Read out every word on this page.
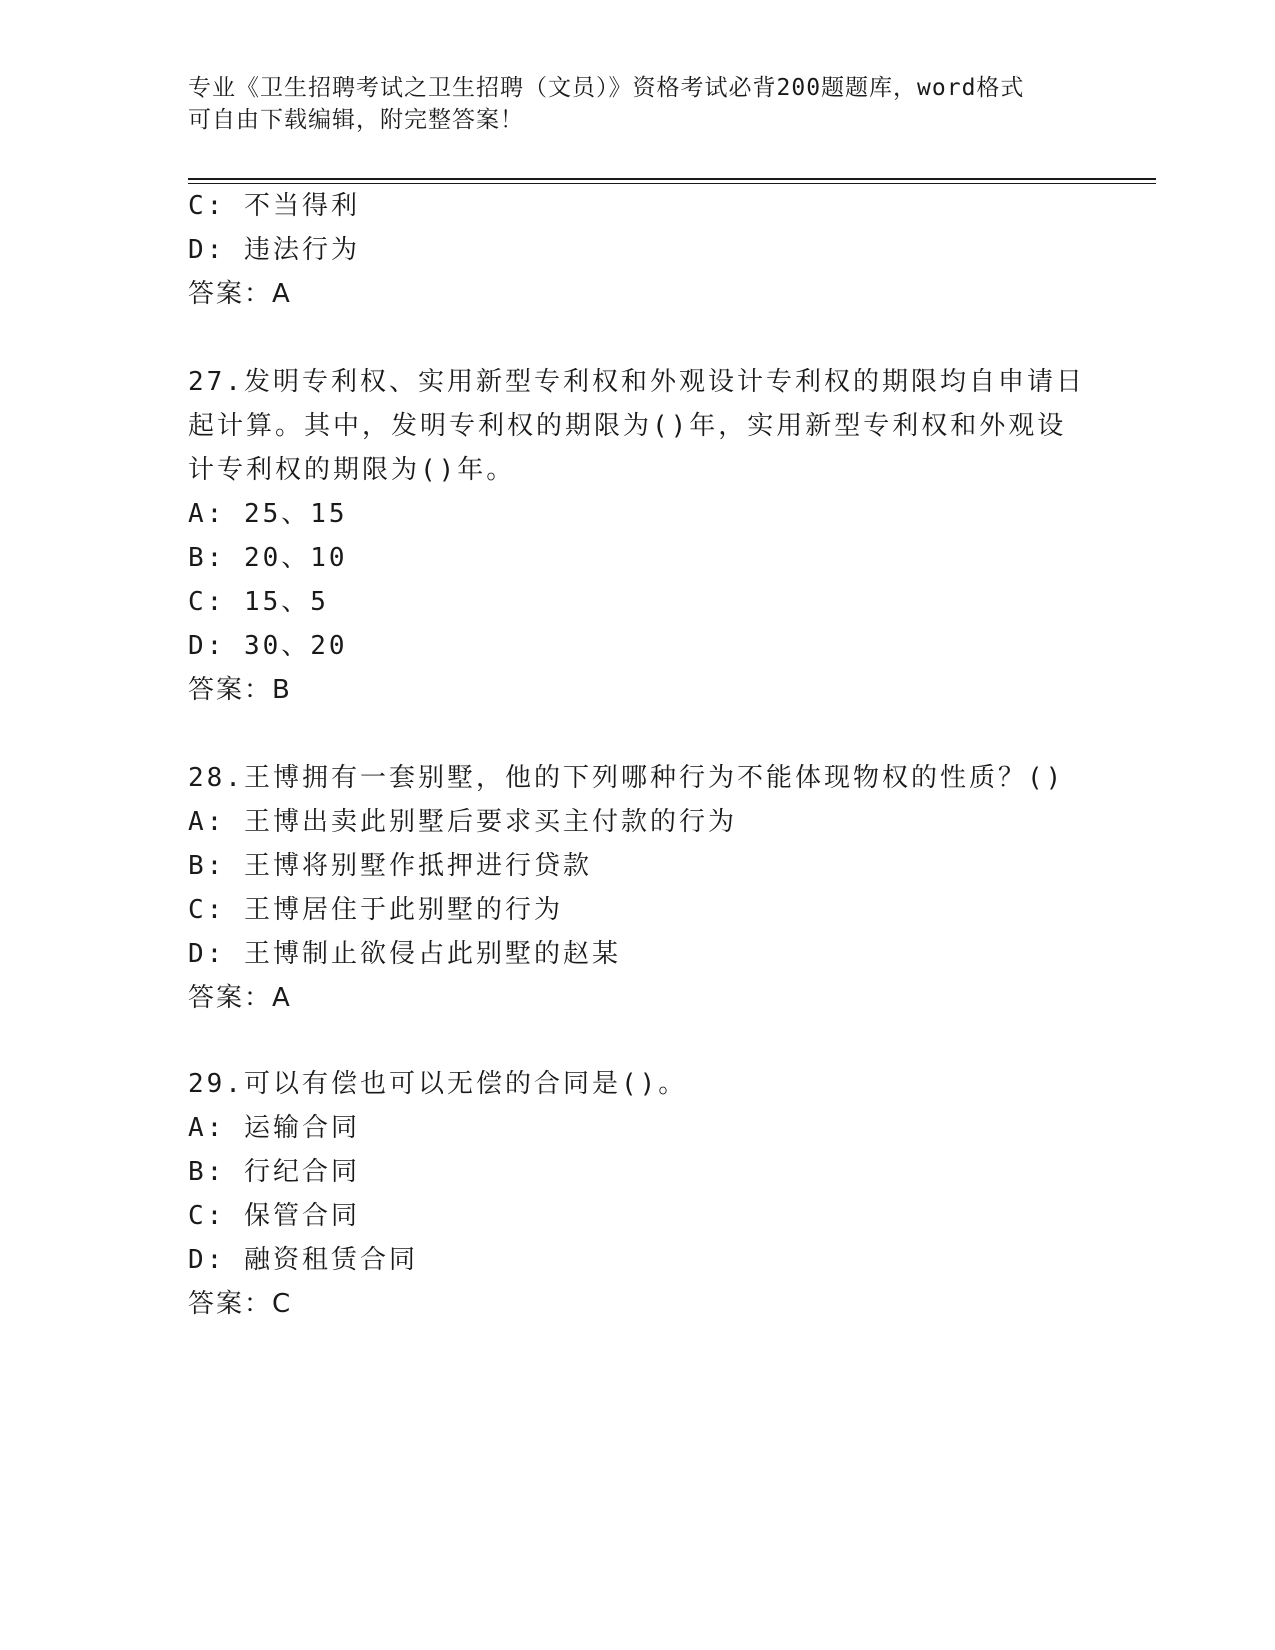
专业《卫生招聘考试之卫生招聘（文员）》资格考试必背200题题库，word格式
可自由下载编辑，附完整答案！
C: 不当得利
D: 违法行为
答案：A
27.发明专利权、实用新型专利权和外观设计专利权的期限均自申请日
起计算。其中，发明专利权的期限为()年，实用新型专利权和外观设
计专利权的期限为()年。
A: 25、15
B: 20、10
C: 15、5
D: 30、20
答案：B
28.王博拥有一套别墅，他的下列哪种行为不能体现物权的性质？()
A: 王博出卖此别墅后要求买主付款的行为
B: 王博将别墅作抵押进行贷款
C: 王博居住于此别墅的行为
D: 王博制止欲侵占此别墅的赵某
答案：A
29.可以有偿也可以无偿的合同是()。
A: 运输合同
B: 行纪合同
C: 保管合同
D: 融资租赁合同
答案：C
